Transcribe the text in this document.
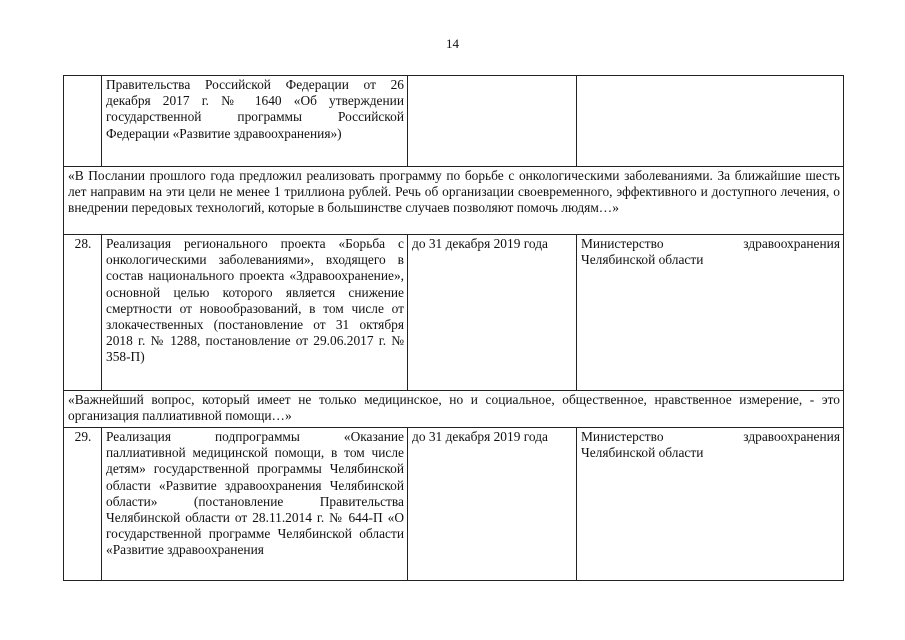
14
	Правительства Российской Федерации от 26 декабря 2017 г. № 1640 «Об утверждении государственной программы Российской Федерации «Развитие здравоохранения»)		
«В Послании прошлого года предложил реализовать программу по борьбе с онкологическими заболеваниями. За ближайшие шесть лет направим на эти цели не менее 1 триллиона рублей. Речь об организации своевременного, эффективного и доступного лечения, о внедрении передовых технологий, которые в большинстве случаев позволяют помочь людям…»			
28.	Реализация регионального проекта «Борьба с онкологическими заболеваниями», входящего в состав национального проекта «Здравоохранение», основной целью которого является снижение смертности от новообразований, в том числе от злокачественных (постановление от 31 октября 2018 г. № 1288, постановление от 29.06.2017 г. № 358-П)	до 31 декабря 2019 года	Министерство здравоохранения Челябинской области
«Важнейший вопрос, который имеет не только медицинское, но и социальное, общественное, нравственное измерение, - это организация паллиативной помощи…»			
29.	Реализация подпрограммы «Оказание паллиативной медицинской помощи, в том числе детям» государственной программы Челябинской области «Развитие здравоохранения Челябинской области» (постановление Правительства Челябинской области от 28.11.2014 г. № 644-П «О государственной программе Челябинской области «Развитие здравоохранения	до 31 декабря 2019 года	Министерство здравоохранения Челябинской области
